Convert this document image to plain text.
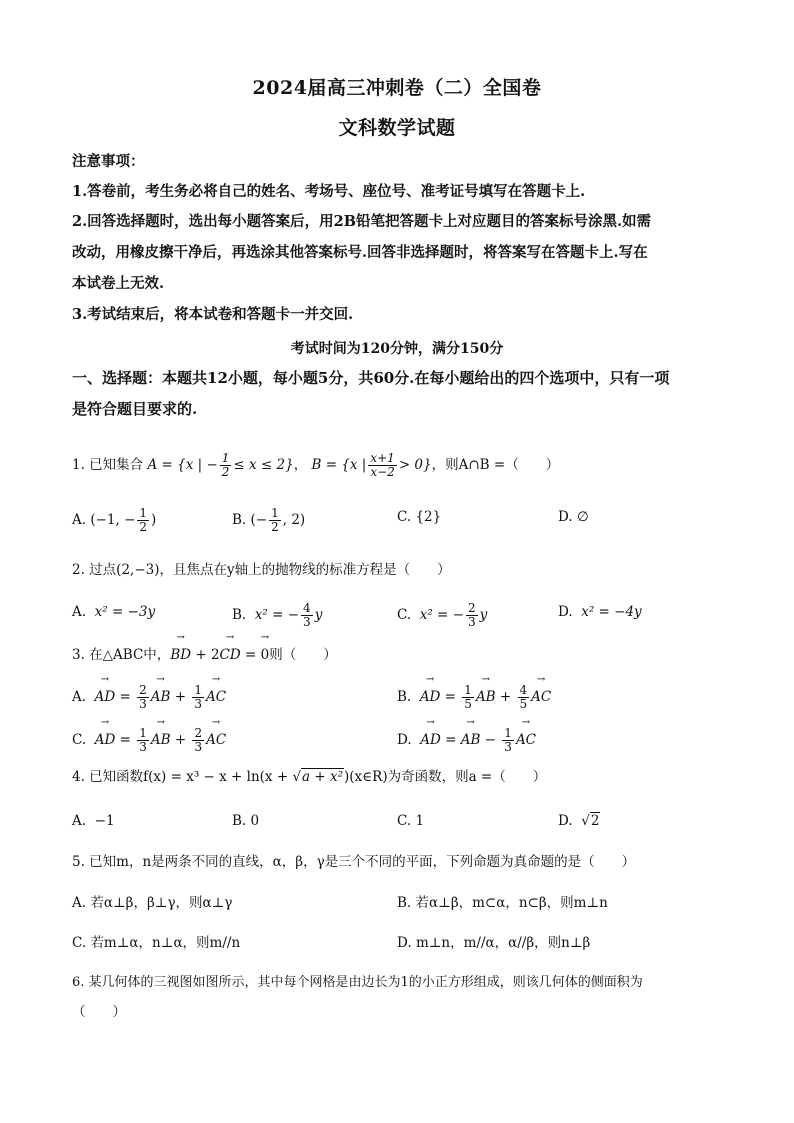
2024届高三冲刺卷（二）全国卷
文科数学试题
注意事项：
1.答卷前，考生务必将自己的姓名、考场号、座位号、准考证号填写在答题卡上.
2.回答选择题时，选出每小题答案后，用2B铅笔把答题卡上对应题目的答案标号涂黑.如需
改动，用橡皮擦干净后，再选涂其他答案标号.回答非选择题时，将答案写在答题卡上.写在
本试卷上无效.
3.考试结束后，将本试卷和答题卡一并交回.
考试时间为120分钟，满分150分
一、选择题：本题共12小题，每小题5分，共60分.在每小题给出的四个选项中，只有一项
是符合题目要求的.
1. 已知集合 A = {x | − $\frac{1}{2} \le x \le 2$}， B = {x | $\frac{x+1}{x-2} > 0$}，则A∩B =（　　）
A. (−1, − $\frac{1}{2}$ )	B. (− $\frac{1}{2}$ , 2)	C. {2}	D. ∅
2. 过点(2,−3)，且焦点在y轴上的抛物线的标准方程是（　　）
A. x² = −3y	B. x² = − $\frac{4}{3}$ y	C. x² = − $\frac{2}{3}$ y	D. x² = −4y
3. 在△ABC中，→ BD + 2→ CD = → 0则（　　）
A. → AD = $\frac{2}{3}$ → AB + $\frac{1}{3}$ → AC	B. → AD = $\frac{1}{5}$ → AB + $\frac{4}{5}$ → AC
C. → AD = $\frac{1}{3}$ → AB + $\frac{2}{3}$ → AC	D. → AD = → AB − $\frac{1}{3}$ → AC
4. 已知函数f(x) = x³ − x + ln(x + √a + x²)(x∈R)为奇函数，则a =（　　）
A. −1	B. 0	C. 1	D.  √2
5. 已知m，n是两条不同的直线，α，β，γ是三个不同的平面，下列命题为真命题的是（　　）
A. 若α⊥β，β⊥γ，则α⊥γ	B. 若α⊥β，m⊂α，n⊂β，则m⊥n
C. 若m⊥α，n⊥α，则m//n	D. m⊥n，m//α，α//β，则n⊥β
6. 某几何体的三视图如图所示，其中每个网格是由边长为1的小正方形组成，则该几何体的侧面积为
（　　）
